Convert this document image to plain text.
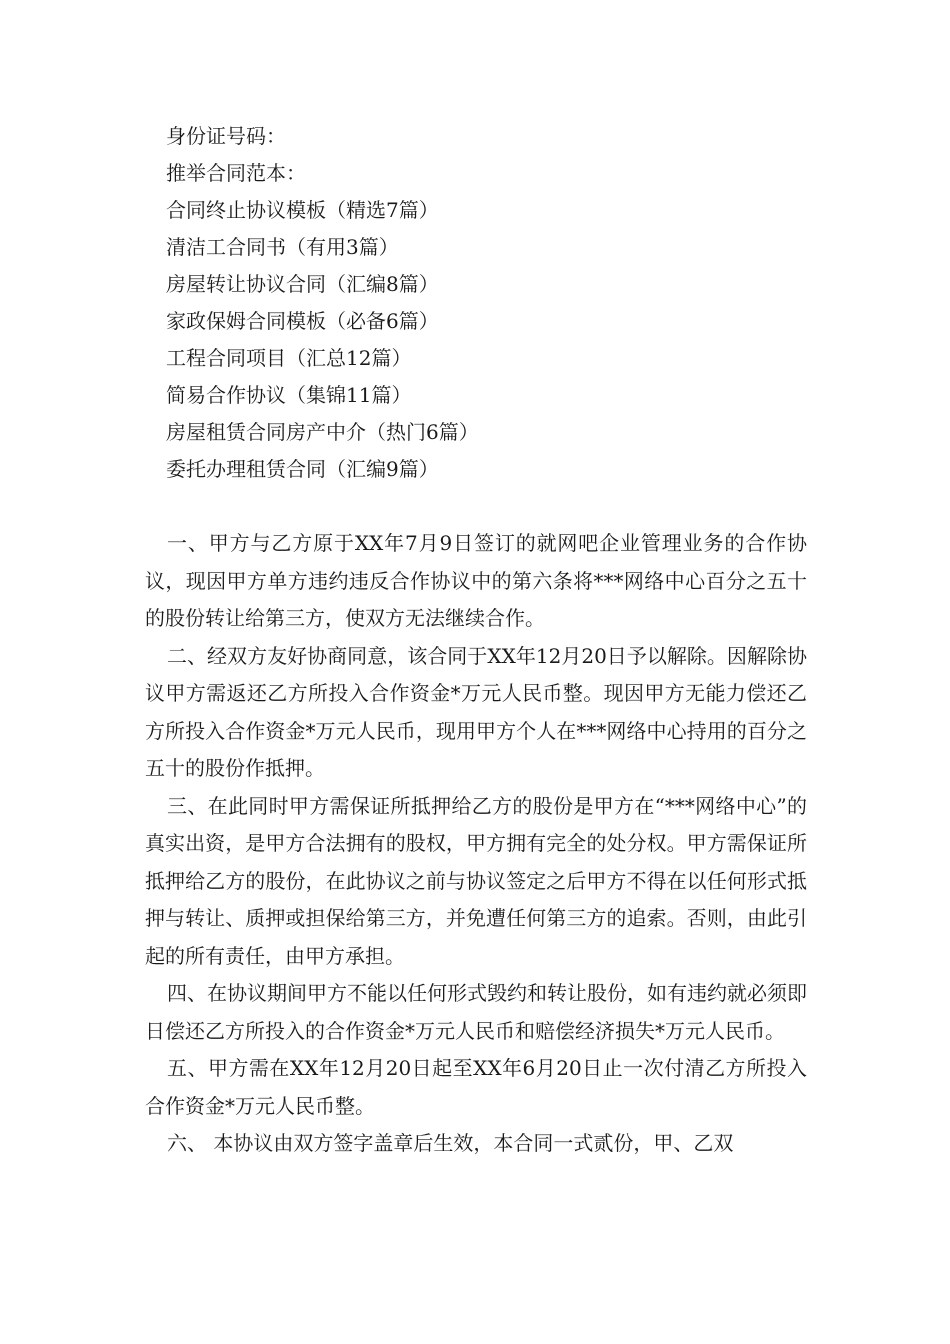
身份证号码：
推举合同范本：
合同终止协议模板（精选7篇）
清洁工合同书（有用3篇）
房屋转让协议合同（汇编8篇）
家政保姆合同模板（必备6篇）
工程合同项目（汇总12篇）
简易合作协议（集锦11篇）
房屋租赁合同房产中介（热门6篇）
委托办理租赁合同（汇编9篇）

一、甲方与乙方原于XX年7月9日签订的就网吧企业管理业务的合作协议，现因甲方单方违约违反合作协议中的第六条将***网络中心百分之五十的股份转让给第三方，使双方无法继续合作。

二、经双方友好协商同意，该合同于XX年12月20日予以解除。因解除协议甲方需返还乙方所投入合作资金*万元人民币整。现因甲方无能力偿还乙方所投入合作资金*万元人民币，现用甲方个人在***网络中心持用的百分之五十的股份作抵押。

三、在此同时甲方需保证所抵押给乙方的股份是甲方在“***网络中心”的真实出资，是甲方合法拥有的股权，甲方拥有完全的处分权。甲方需保证所抵押给乙方的股份，在此协议之前与协议签定之后甲方不得在以任何形式抵押与转让、质押或担保给第三方，并免遭任何第三方的追索。否则，由此引起的所有责任，由甲方承担。

四、在协议期间甲方不能以任何形式毁约和转让股份，如有违约就必须即日偿还乙方所投入的合作资金*万元人民币和赔偿经济损失*万元人民币。

五、甲方需在XX年12月20日起至XX年6月20日止一次付清乙方所投入合作资金*万元人民币整。

六、 本协议由双方签字盖章后生效，本合同一式贰份，甲、乙双
